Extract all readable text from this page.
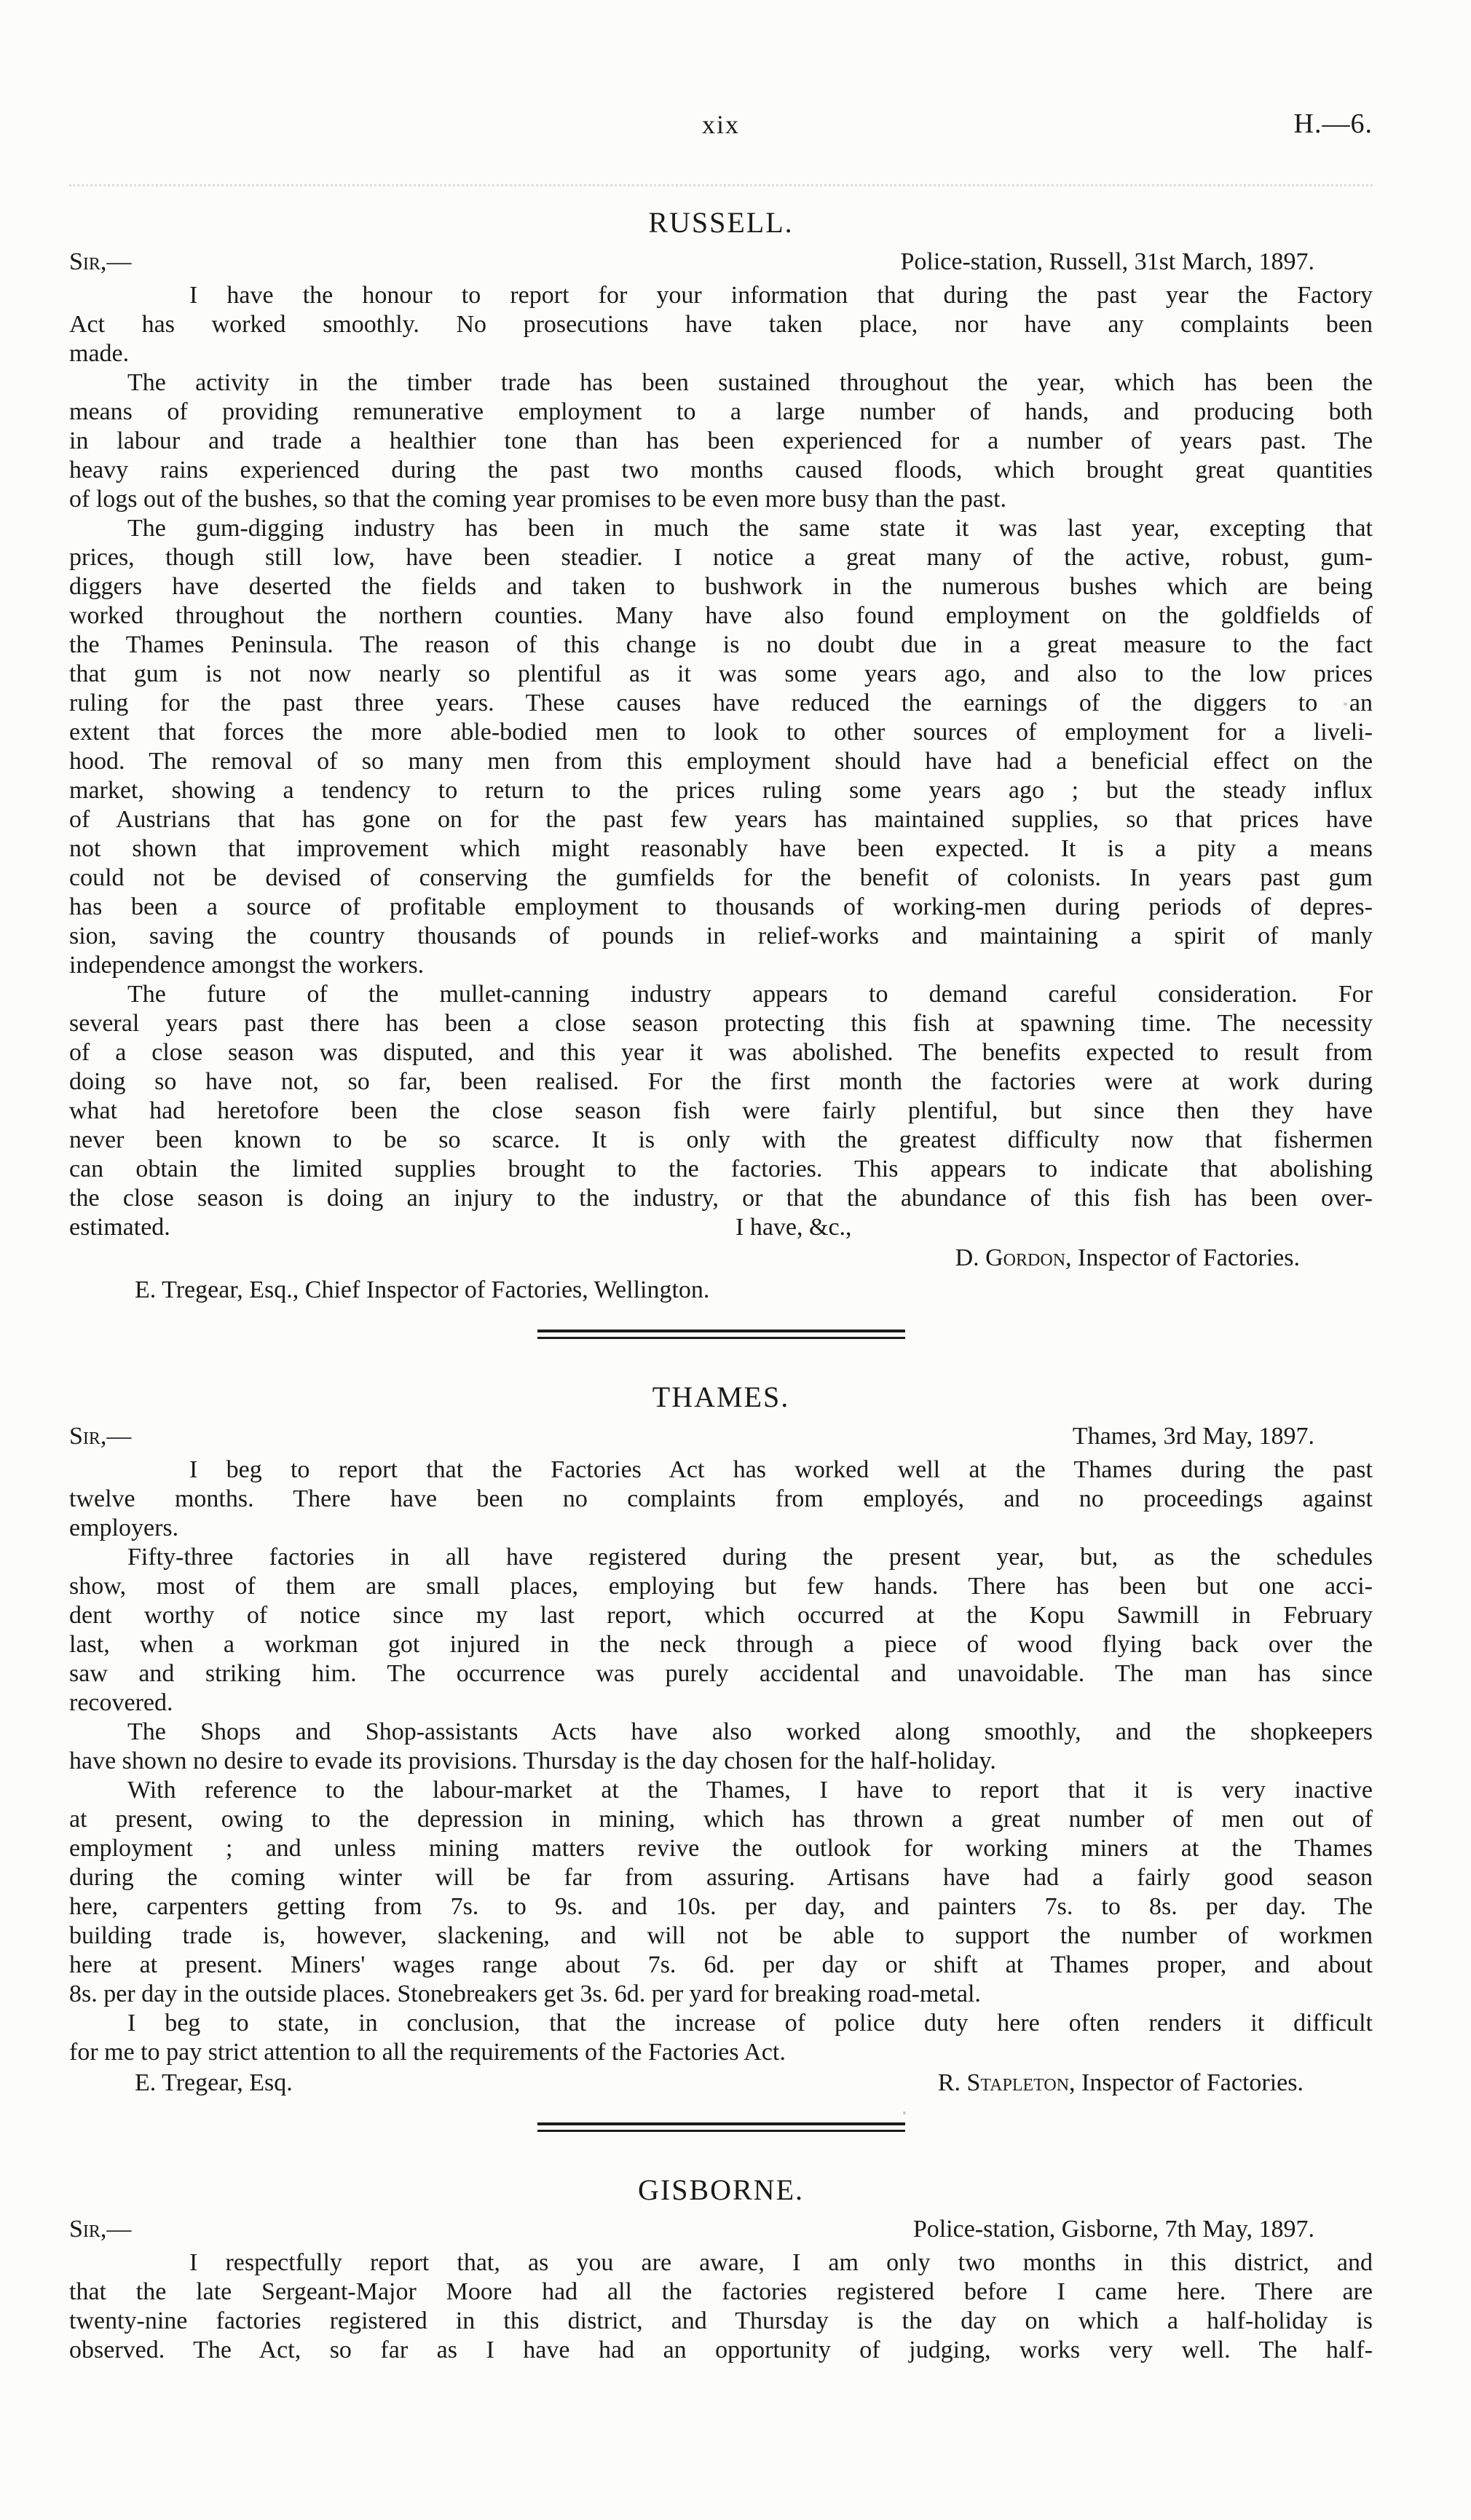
xix	H.—6.
RUSSELL.
Sir,—	Police-station, Russell, 31st March, 1897.
I have the honour to report for your information that during the past year the Factory
Act has worked smoothly. No prosecutions have taken place, nor have any complaints been
made.
The activity in the timber trade has been sustained throughout the year, which has been the
means of providing remunerative employment to a large number of hands, and producing both
in labour and trade a healthier tone than has been experienced for a number of years past. The
heavy rains experienced during the past two months caused floods, which brought great quantities
of logs out of the bushes, so that the coming year promises to be even more busy than the past.
The gum-digging industry has been in much the same state it was last year, excepting that
prices, though still low, have been steadier. I notice a great many of the active, robust, gum-
diggers have deserted the fields and taken to bushwork in the numerous bushes which are being
worked throughout the northern counties. Many have also found employment on the goldfields of
the Thames Peninsula. The reason of this change is no doubt due in a great measure to the fact
that gum is not now nearly so plentiful as it was some years ago, and also to the low prices
ruling for the past three years. These causes have reduced the earnings of the diggers to an
extent that forces the more able-bodied men to look to other sources of employment for a liveli-
hood. The removal of so many men from this employment should have had a beneficial effect on the
market, showing a tendency to return to the prices ruling some years ago ; but the steady influx
of Austrians that has gone on for the past few years has maintained supplies, so that prices have
not shown that improvement which might reasonably have been expected. It is a pity a means
could not be devised of conserving the gumfields for the benefit of colonists. In years past gum
has been a source of profitable employment to thousands of working-men during periods of depres-
sion, saving the country thousands of pounds in relief-works and maintaining a spirit of manly
independence amongst the workers.
The future of the mullet-canning industry appears to demand careful consideration. For
several years past there has been a close season protecting this fish at spawning time. The necessity
of a close season was disputed, and this year it was abolished. The benefits expected to result from
doing so have not, so far, been realised. For the first month the factories were at work during
what had heretofore been the close season fish were fairly plentiful, but since then they have
never been known to be so scarce. It is only with the greatest difficulty now that fishermen
can obtain the limited supplies brought to the factories. This appears to indicate that abolishing
the close season is doing an injury to the industry, or that the abundance of this fish has been over-
estimated.	I have, &c.,
D. Gordon, Inspector of Factories.
E. Tregear, Esq., Chief Inspector of Factories, Wellington.
THAMES.
Sir,—	Thames, 3rd May, 1897.
I beg to report that the Factories Act has worked well at the Thames during the past
twelve months. There have been no complaints from employés, and no proceedings against
employers.
Fifty-three factories in all have registered during the present year, but, as the schedules
show, most of them are small places, employing but few hands. There has been but one acci-
dent worthy of notice since my last report, which occurred at the Kopu Sawmill in February
last, when a workman got injured in the neck through a piece of wood flying back over the
saw and striking him. The occurrence was purely accidental and unavoidable. The man has since
recovered.
The Shops and Shop-assistants Acts have also worked along smoothly, and the shopkeepers
have shown no desire to evade its provisions. Thursday is the day chosen for the half-holiday.
With reference to the labour-market at the Thames, I have to report that it is very inactive
at present, owing to the depression in mining, which has thrown a great number of men out of
employment ; and unless mining matters revive the outlook for working miners at the Thames
during the coming winter will be far from assuring. Artisans have had a fairly good season
here, carpenters getting from 7s. to 9s. and 10s. per day, and painters 7s. to 8s. per day. The
building trade is, however, slackening, and will not be able to support the number of workmen
here at present. Miners' wages range about 7s. 6d. per day or shift at Thames proper, and about
8s. per day in the outside places. Stonebreakers get 3s. 6d. per yard for breaking road-metal.
I beg to state, in conclusion, that the increase of police duty here often renders it difficult
for me to pay strict attention to all the requirements of the Factories Act.
E. Tregear, Esq.	R. Stapleton, Inspector of Factories.
GISBORNE.
Sir,—	Police-station, Gisborne, 7th May, 1897.
I respectfully report that, as you are aware, I am only two months in this district, and
that the late Sergeant-Major Moore had all the factories registered before I came here. There are
twenty-nine factories registered in this district, and Thursday is the day on which a half-holiday is
observed. The Act, so far as I have had an opportunity of judging, works very well. The half-
